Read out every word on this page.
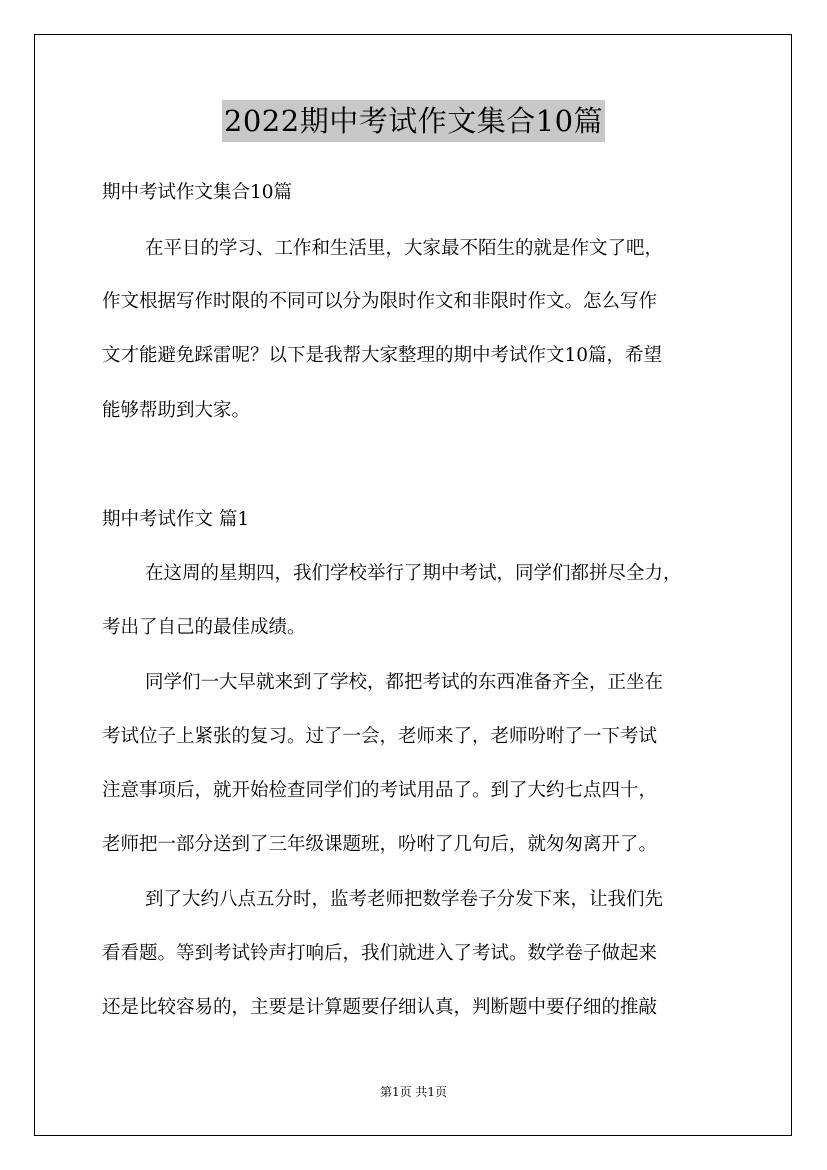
2022期中考试作文集合10篇
期中考试作文集合10篇
在平日的学习、工作和生活里，大家最不陌生的就是作文了吧，
作文根据写作时限的不同可以分为限时作文和非限时作文。怎么写作
文才能避免踩雷呢？以下是我帮大家整理的期中考试作文10篇，希望
能够帮助到大家。
期中考试作文 篇1
在这周的星期四，我们学校举行了期中考试，同学们都拼尽全力，
考出了自己的最佳成绩。
同学们一大早就来到了学校，都把考试的东西准备齐全，正坐在
考试位子上紧张的复习。过了一会，老师来了，老师吩咐了一下考试
注意事项后，就开始检查同学们的考试用品了。到了大约七点四十，
老师把一部分送到了三年级课题班，吩咐了几句后，就匆匆离开了。
到了大约八点五分时，监考老师把数学卷子分发下来，让我们先
看看题。等到考试铃声打响后，我们就进入了考试。数学卷子做起来
还是比较容易的，主要是计算题要仔细认真，判断题中要仔细的推敲
第1页 共1页
